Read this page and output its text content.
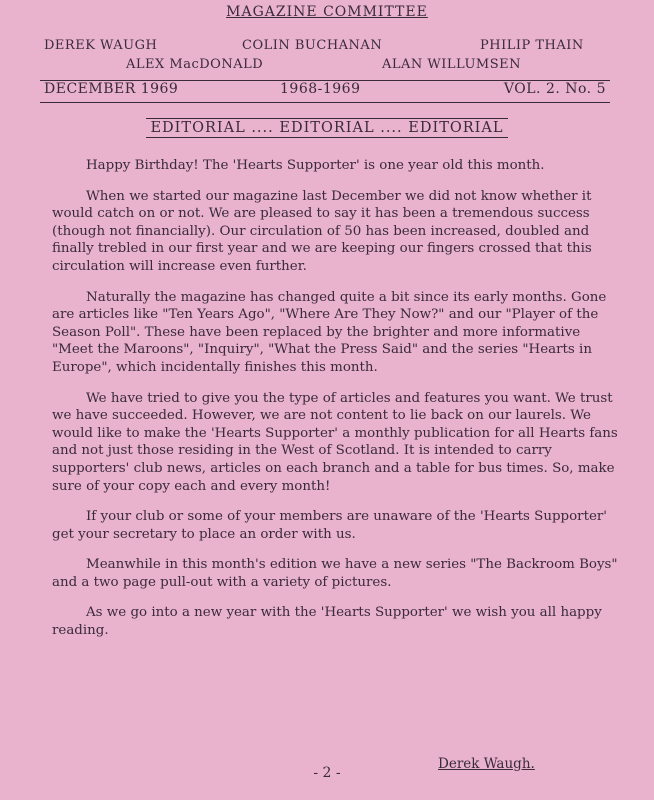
MAGAZINE COMMITTEE
DEREK WAUGH	COLIN BUCHANAN	PHILIP THAIN
ALEX MacDONALD	ALAN WILLUMSEN
DECEMBER 1969	1968-1969	VOL. 2. No. 5
EDITORIAL .... EDITORIAL .... EDITORIAL

Happy Birthday! The 'Hearts Supporter' is one year old this month.

When we started our magazine last December we did not know whether it would catch on or not. We are pleased to say it has been a tremendous success (though not financially). Our circulation of 50 has been increased, doubled and finally trebled in our first year and we are keeping our fingers crossed that this circulation will increase even further.

Naturally the magazine has changed quite a bit since its early months. Gone are articles like "Ten Years Ago", "Where Are They Now?" and our "Player of the Season Poll". These have been replaced by the brighter and more informative "Meet the Maroons", "Inquiry", "What the Press Said" and the series "Hearts in Europe", which incidentally finishes this month.

We have tried to give you the type of articles and features you want. We trust we have succeeded. However, we are not content to lie back on our laurels. We would like to make the 'Hearts Supporter' a monthly publication for all Hearts fans and not just those residing in the West of Scotland. It is intended to carry supporters' club news, articles on each branch and a table for bus times. So, make sure of your copy each and every month!

If your club or some of your members are unaware of the 'Hearts Supporter' get your secretary to place an order with us.

Meanwhile in this month's edition we have a new series "The Backroom Boys" and a two page pull-out with a variety of pictures.

As we go into a new year with the 'Hearts Supporter' we wish you all happy reading.

Derek Waugh.
- 2 -
